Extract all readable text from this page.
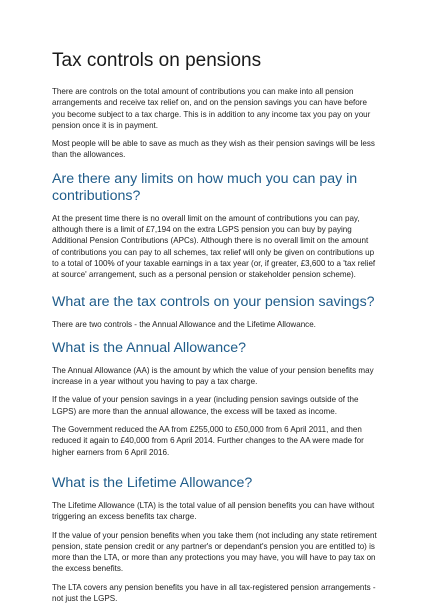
Tax controls on pensions

There are controls on the total amount of contributions you can make into all pension arrangements and receive tax relief on, and on the pension savings you can have before you become subject to a tax charge. This is in addition to any income tax you pay on your pension once it is in payment.

Most people will be able to save as much as they wish as their pension savings will be less than the allowances.

Are there any limits on how much you can pay in contributions?

At the present time there is no overall limit on the amount of contributions you can pay, although there is a limit of £7,194 on the extra LGPS pension you can buy by paying Additional Pension Contributions (APCs). Although there is no overall limit on the amount of contributions you can pay to all schemes, tax relief will only be given on contributions up to a total of 100% of your taxable earnings in a tax year (or, if greater, £3,600 to a 'tax relief at source' arrangement, such as a personal pension or stakeholder pension scheme).

What are the tax controls on your pension savings?

There are two controls - the Annual Allowance and the Lifetime Allowance.

What is the Annual Allowance?

The Annual Allowance (AA) is the amount by which the value of your pension benefits may increase in a year without you having to pay a tax charge.

If the value of your pension savings in a year (including pension savings outside of the LGPS) are more than the annual allowance, the excess will be taxed as income.

The Government reduced the AA from £255,000 to £50,000 from 6 April 2011, and then reduced it again to £40,000 from 6 April 2014. Further changes to the AA were made for higher earners from 6 April 2016.

What is the Lifetime Allowance?

The Lifetime Allowance (LTA) is the total value of all pension benefits you can have without triggering an excess benefits tax charge.

If the value of your pension benefits when you take them (not including any state retirement pension, state pension credit or any partner's or dependant's pension you are entitled to) is more than the LTA, or more than any protections you may have, you will have to pay tax on the excess benefits.

The LTA covers any pension benefits you have in all tax-registered pension arrangements - not just the LGPS.
